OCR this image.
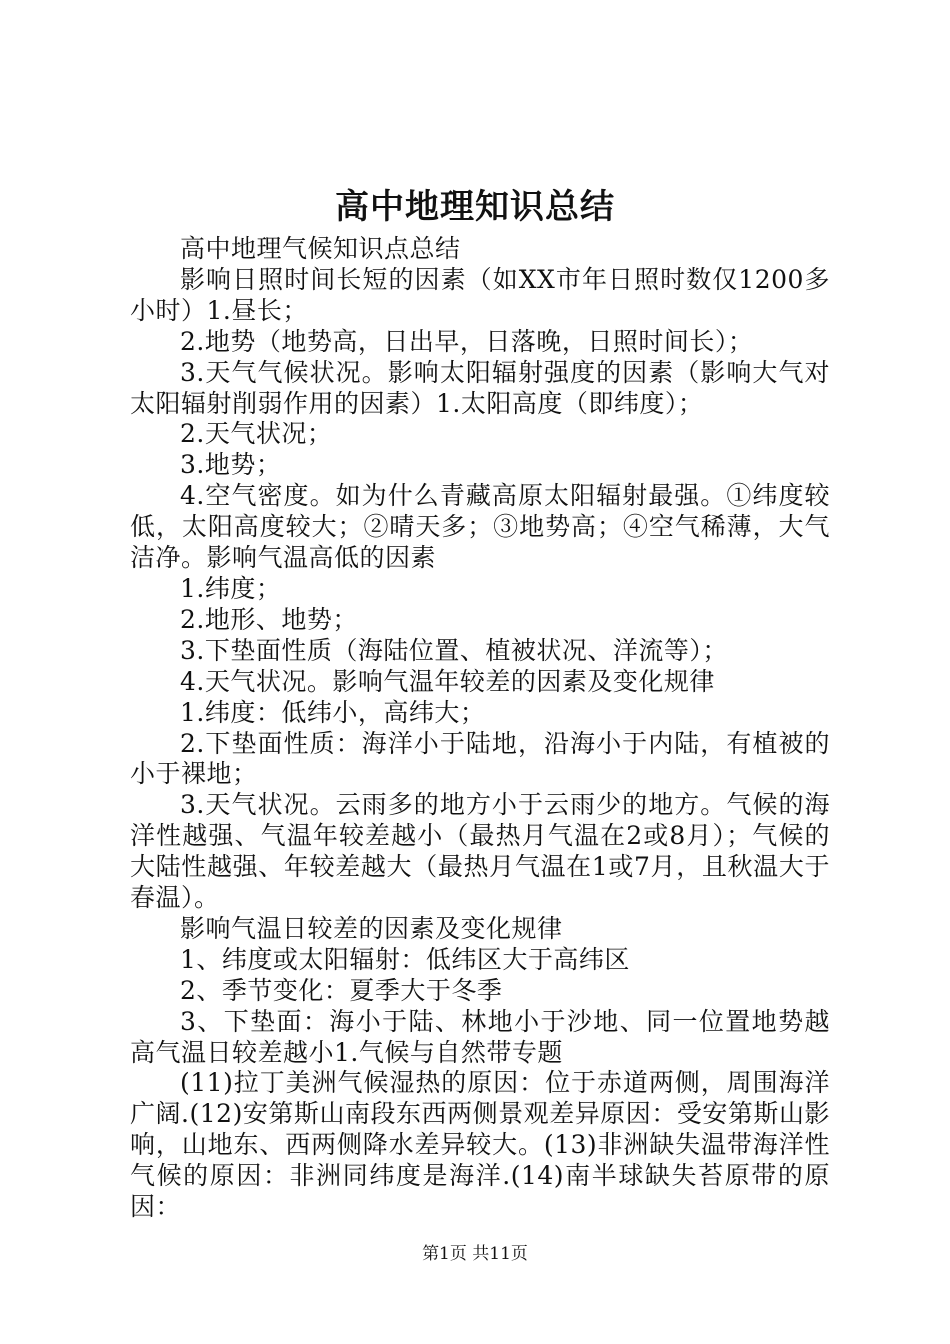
高中地理知识总结

高中地理气候知识点总结

影响日照时间长短的因素（如XX市年日照时数仅1200多小时）1.昼长；

2.地势（地势高，日出早，日落晚，日照时间长）；

3.天气气候状况。影响太阳辐射强度的因素（影响大气对太阳辐射削弱作用的因素）1.太阳高度（即纬度）；

2.天气状况；

3.地势；

4.空气密度。如为什么青藏高原太阳辐射最强。①纬度较低，太阳高度较大；②晴天多；③地势高；④空气稀薄，大气洁净。影响气温高低的因素

1.纬度；

2.地形、地势；

3.下垫面性质（海陆位置、植被状况、洋流等）；

4.天气状况。影响气温年较差的因素及变化规律

1.纬度：低纬小，高纬大；

2.下垫面性质：海洋小于陆地，沿海小于内陆，有植被的小于裸地；

3.天气状况。云雨多的地方小于云雨少的地方。气候的海洋性越强、气温年较差越小（最热月气温在2或8月）；气候的大陆性越强、年较差越大（最热月气温在1或7月，且秋温大于春温）。

影响气温日较差的因素及变化规律

1、纬度或太阳辐射：低纬区大于高纬区

2、季节变化：夏季大于冬季

3、下垫面：海小于陆、林地小于沙地、同一位置地势越高气温日较差越小1.气候与自然带专题

(11)拉丁美洲气候湿热的原因：位于赤道两侧，周围海洋广阔.(12)安第斯山南段东西两侧景观差异原因：受安第斯山影响，山地东、西两侧降水差异较大。(13)非洲缺失温带海洋性气候的原因：非洲同纬度是海洋.(14)南半球缺失苔原带的原因：

第1页 共11页
